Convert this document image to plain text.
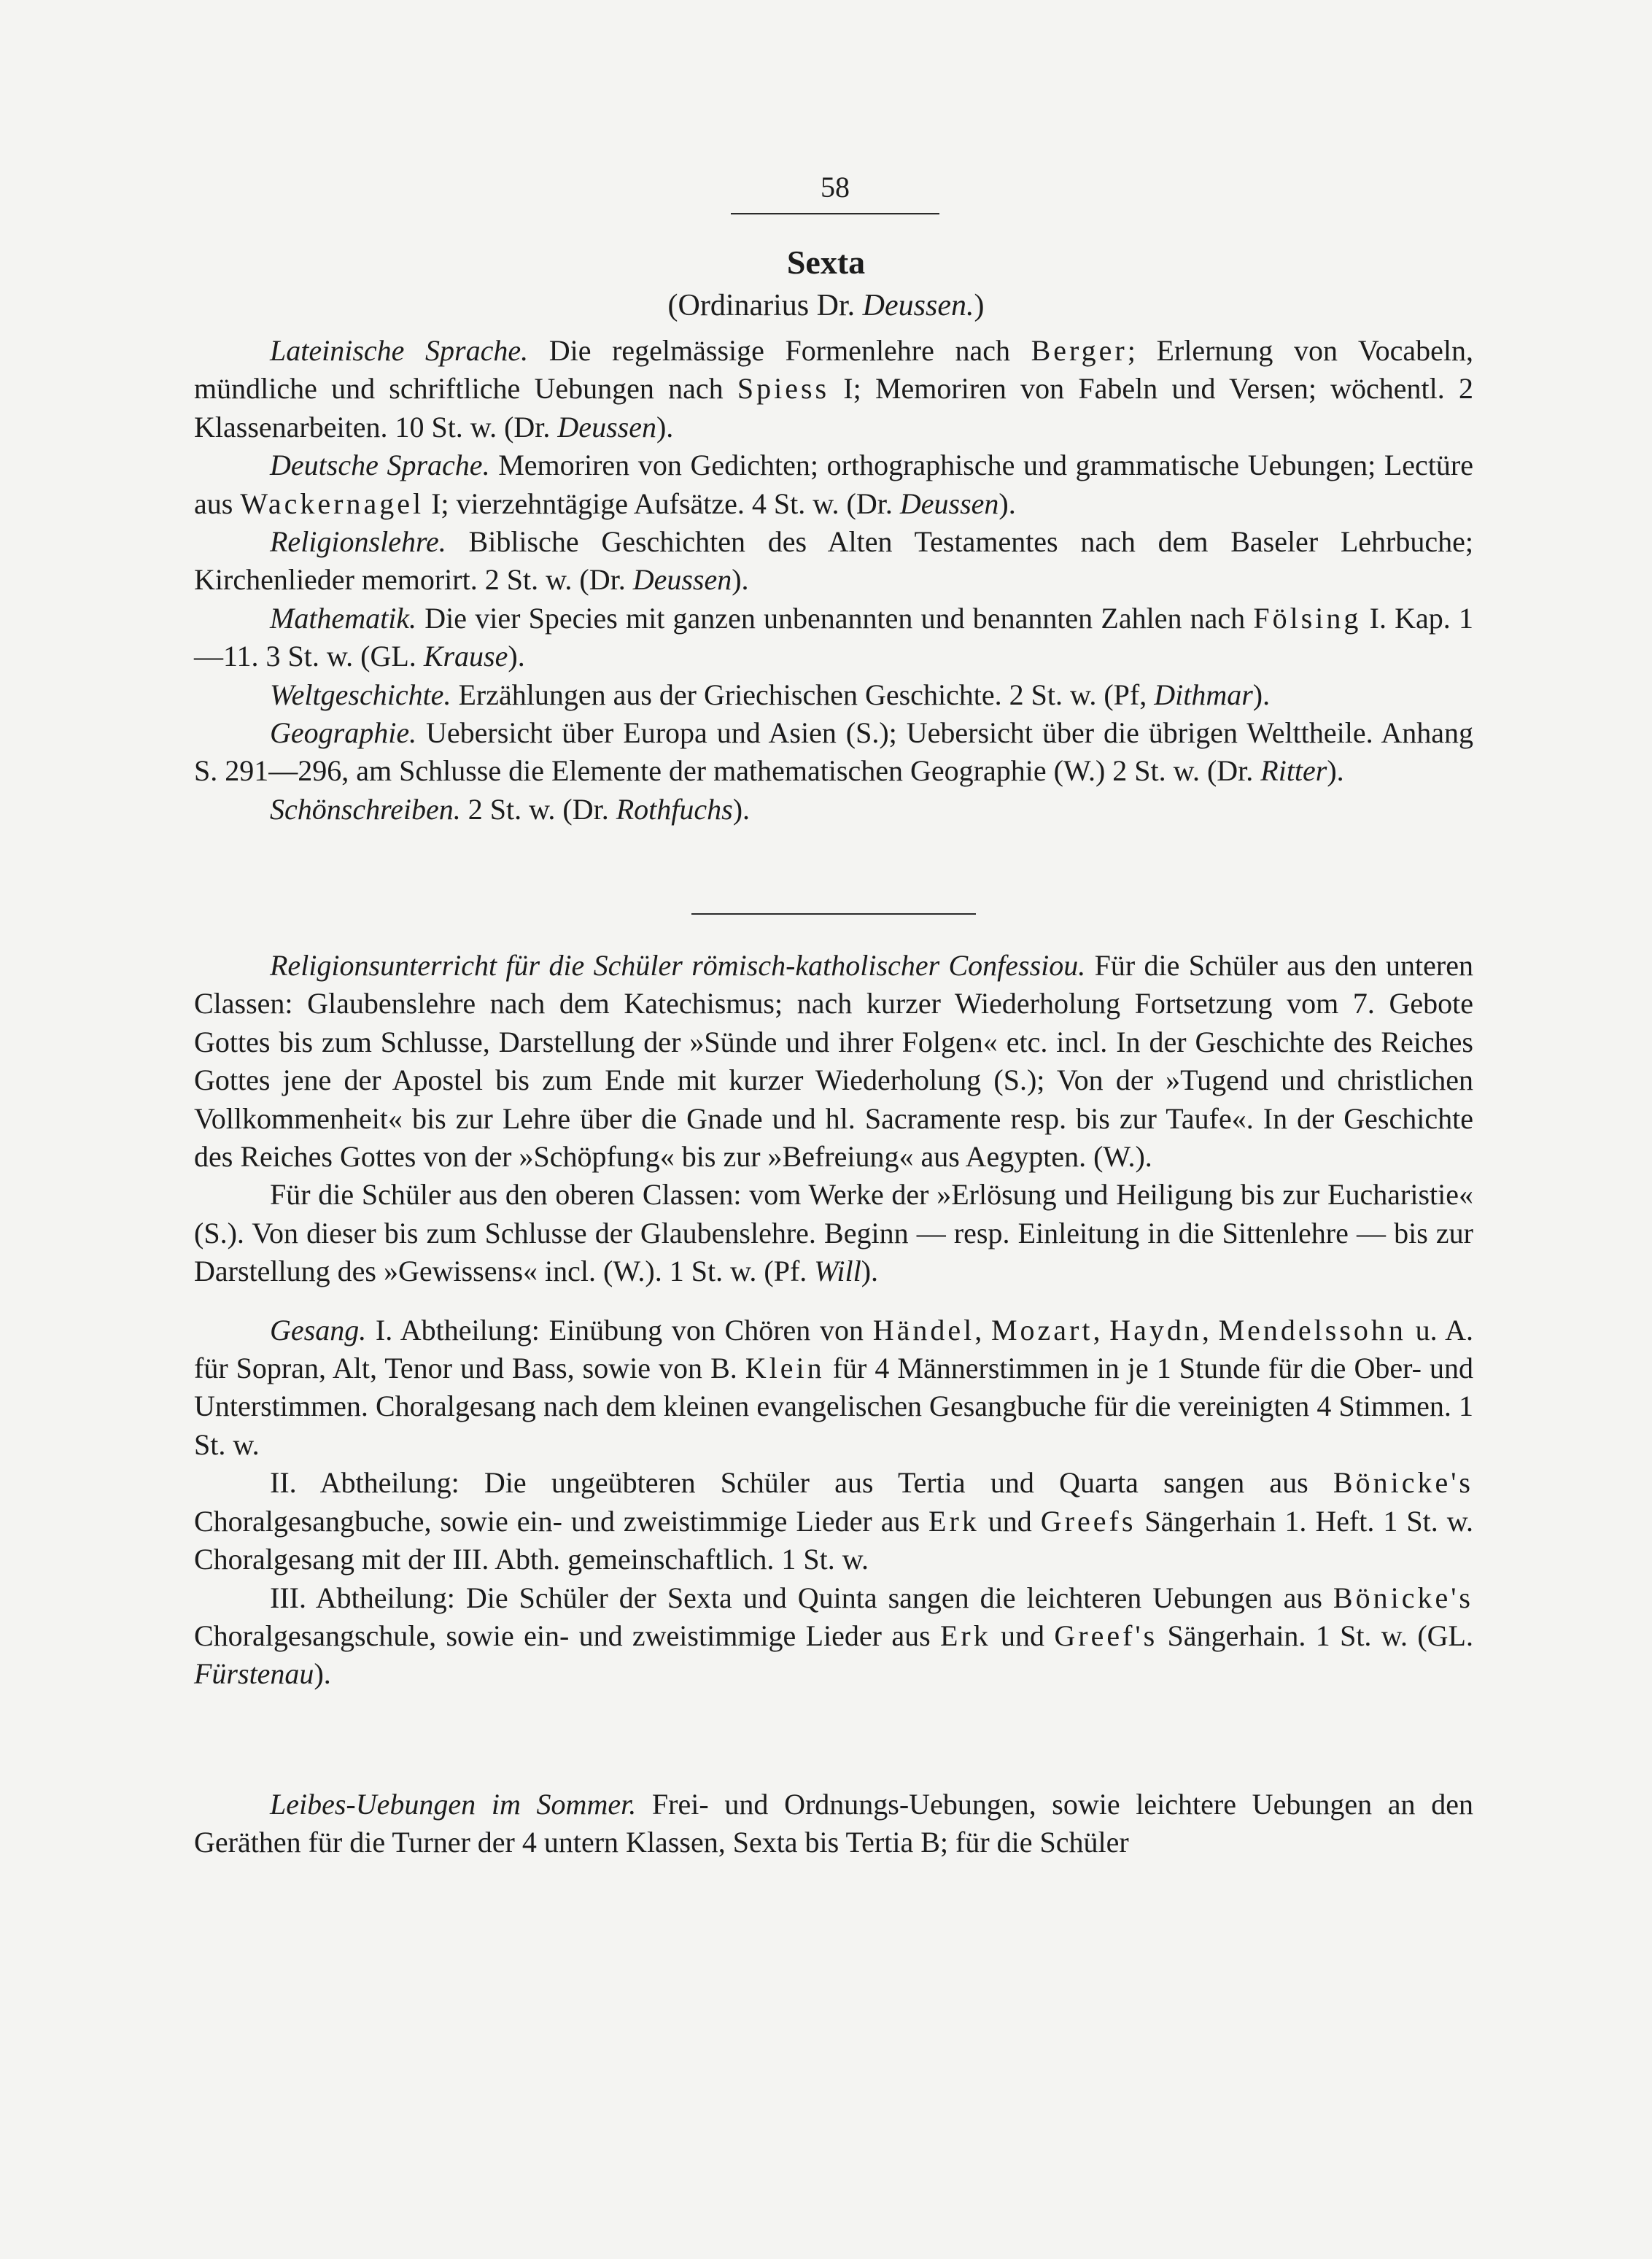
58
Sexta
(Ordinarius Dr. Deussen.)

Lateinische Sprache. Die regelmässige Formenlehre nach Berger; Erlernung von Vocabeln, mündliche und schriftliche Uebungen nach Spiess I; Memoriren von Fabeln und Versen; wöchentl. 2 Klassenarbeiten. 10 St. w. (Dr. Deussen).

Deutsche Sprache. Memoriren von Gedichten; orthographische und grammatische Uebungen; Lectüre aus Wackernagel I; vierzehntägige Aufsätze. 4 St. w. (Dr. Deussen).

Religionslehre. Biblische Geschichten des Alten Testamentes nach dem Baseler Lehrbuche; Kirchenlieder memorirt. 2 St. w. (Dr. Deussen).

Mathematik. Die vier Species mit ganzen unbenannten und benannten Zahlen nach Fölsing I. Kap. 1—11. 3 St. w. (GL. Krause).

Weltgeschichte. Erzählungen aus der Griechischen Geschichte. 2 St. w. (Pf, Dithmar).

Geographie. Uebersicht über Europa und Asien (S.); Uebersicht über die übrigen Welttheile. Anhang S. 291—296, am Schlusse die Elemente der mathematischen Geographie (W.) 2 St. w. (Dr. Ritter).

Schönschreiben. 2 St. w. (Dr. Rothfuchs).

Religionsunterricht für die Schüler römisch-katholischer Confessiou. Für die Schüler aus den unteren Classen: Glaubenslehre nach dem Katechismus; nach kurzer Wiederholung Fortsetzung vom 7. Gebote Gottes bis zum Schlusse, Darstellung der »Sünde und ihrer Folgen« etc. incl. In der Geschichte des Reiches Gottes jene der Apostel bis zum Ende mit kurzer Wiederholung (S.); Von der »Tugend und christlichen Vollkommenheit« bis zur Lehre über die Gnade und hl. Sacramente resp. bis zur Taufe«. In der Geschichte des Reiches Gottes von der »Schöpfung« bis zur »Befreiung« aus Aegypten. (W.).

Für die Schüler aus den oberen Classen: vom Werke der »Erlösung und Heiligung bis zur Eucharistie« (S.). Von dieser bis zum Schlusse der Glaubenslehre. Beginn — resp. Einleitung in die Sittenlehre — bis zur Darstellung des »Gewissens« incl. (W.). 1 St. w. (Pf. Will).

Gesang. I. Abtheilung: Einübung von Chören von Händel, Mozart, Haydn, Mendelssohn u. A. für Sopran, Alt, Tenor und Bass, sowie von B. Klein für 4 Männerstimmen in je 1 Stunde für die Ober- und Unterstimmen. Choralgesang nach dem kleinen evangelischen Gesangbuche für die vereinigten 4 Stimmen. 1 St. w.

II. Abtheilung: Die ungeübteren Schüler aus Tertia und Quarta sangen aus Bönicke's Choralgesangbuche, sowie ein- und zweistimmige Lieder aus Erk und Greefs Sängerhain 1. Heft. 1 St. w. Choralgesang mit der III. Abth. gemeinschaftlich. 1 St. w.

III. Abtheilung: Die Schüler der Sexta und Quinta sangen die leichteren Uebungen aus Bönicke's Choralgesangschule, sowie ein- und zweistimmige Lieder aus Erk und Greef's Sängerhain. 1 St. w. (GL. Fürstenau).

Leibes-Uebungen im Sommer. Frei- und Ordnungs-Uebungen, sowie leichtere Uebungen an den Geräthen für die Turner der 4 untern Klassen, Sexta bis Tertia B; für die Schüler
